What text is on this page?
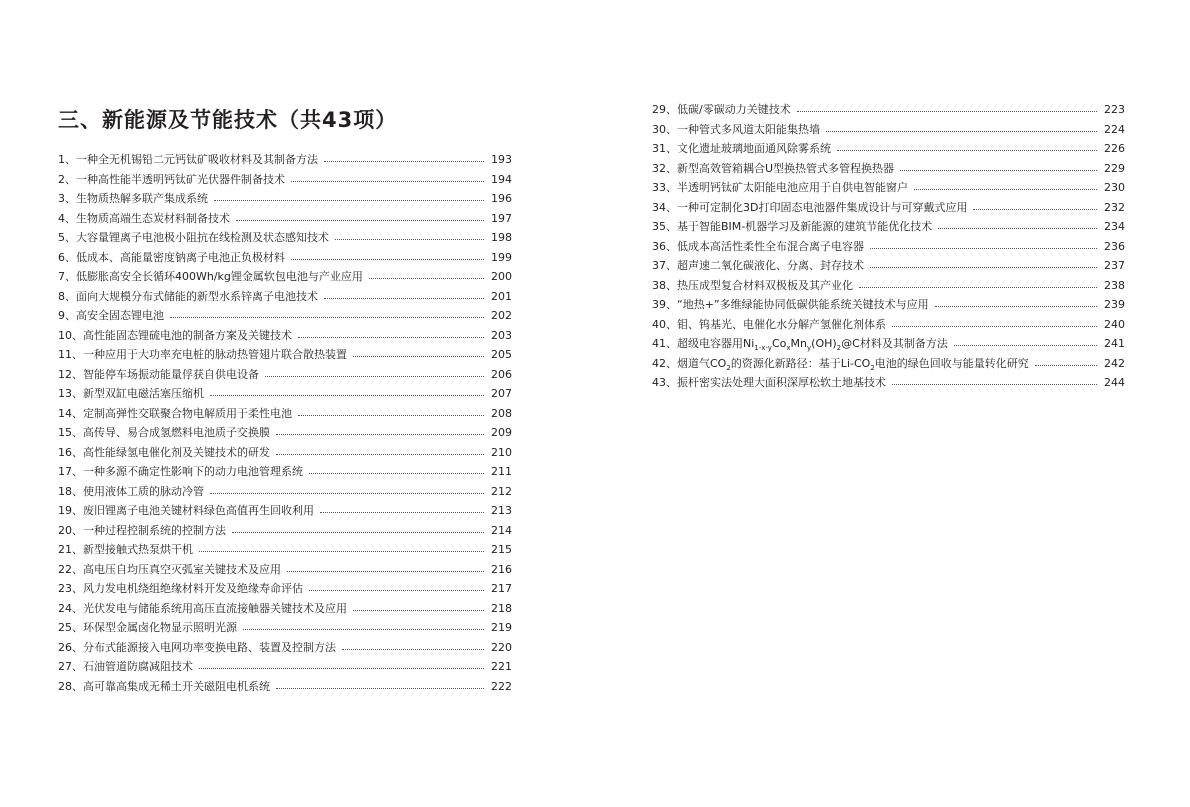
三、新能源及节能技术（共43项）
1、一种全无机锡铅二元钙钛矿吸收材料及其制备方法	193
2、一种高性能半透明钙钛矿光伏器件制备技术	194
3、生物质热解多联产集成系统	196
4、生物质高端生态炭材料制备技术	197
5、大容量锂离子电池极小阻抗在线检测及状态感知技术	198
6、低成本、高能量密度钠离子电池正负极材料	199
7、低膨胀高安全长循环400Wh/kg锂金属软包电池与产业应用	200
8、面向大规模分布式储能的新型水系锌离子电池技术	201
9、高安全固态锂电池	202
10、高性能固态锂硫电池的制备方案及关键技术	203
11、一种应用于大功率充电桩的脉动热管翅片联合散热装置	205
12、智能停车场振动能量俘获自供电设备	206
13、新型双缸电磁活塞压缩机	207
14、定制高弹性交联聚合物电解质用于柔性电池	208
15、高传导、易合成氢燃料电池质子交换膜	209
16、高性能绿氢电催化剂及关键技术的研发	210
17、一种多源不确定性影响下的动力电池管理系统	211
18、使用液体工质的脉动冷管	212
19、废旧锂离子电池关键材料绿色高值再生回收利用	213
20、一种过程控制系统的控制方法	214
21、新型接触式热泵烘干机	215
22、高电压自均压真空灭弧室关键技术及应用	216
23、风力发电机绕组绝缘材料开发及绝缘寿命评估	217
24、光伏发电与储能系统用高压直流接触器关键技术及应用	218
25、环保型金属卤化物显示照明光源	219
26、分布式能源接入电网功率变换电路、装置及控制方法	220
27、石油管道防腐减阻技术	221
28、高可靠高集成无稀土开关磁阻电机系统	222
29、低碳/零碳动力关键技术	223
30、一种管式多风道太阳能集热墙	224
31、文化遗址玻璃地面通风除雾系统	226
32、新型高效管箱耦合U型换热管式多管程换热器	229
33、半透明钙钛矿太阳能电池应用于自供电智能窗户	230
34、一种可定制化3D打印固态电池器件集成设计与可穿戴式应用	232
35、基于智能BIM-机器学习及新能源的建筑节能优化技术	234
36、低成本高活性柔性全布混合离子电容器	236
37、超声速二氧化碳液化、分离、封存技术	237
38、热压成型复合材料双极板及其产业化	238
39、“地热+”多维绿能协同低碳供能系统关键技术与应用	239
40、钼、钨基光、电催化水分解产氢催化剂体系	240
41、超级电容器用$Ni_{1-x-y}Co_xMn_y(OH)_2@C$材料及其制备方法	241
42、烟道气$CO_2$的资源化新路径：基于$Li-CO_2$电池的绿色回收与能量转化研究	242
43、振杆密实法处理大面积深厚松软土地基技术	244
